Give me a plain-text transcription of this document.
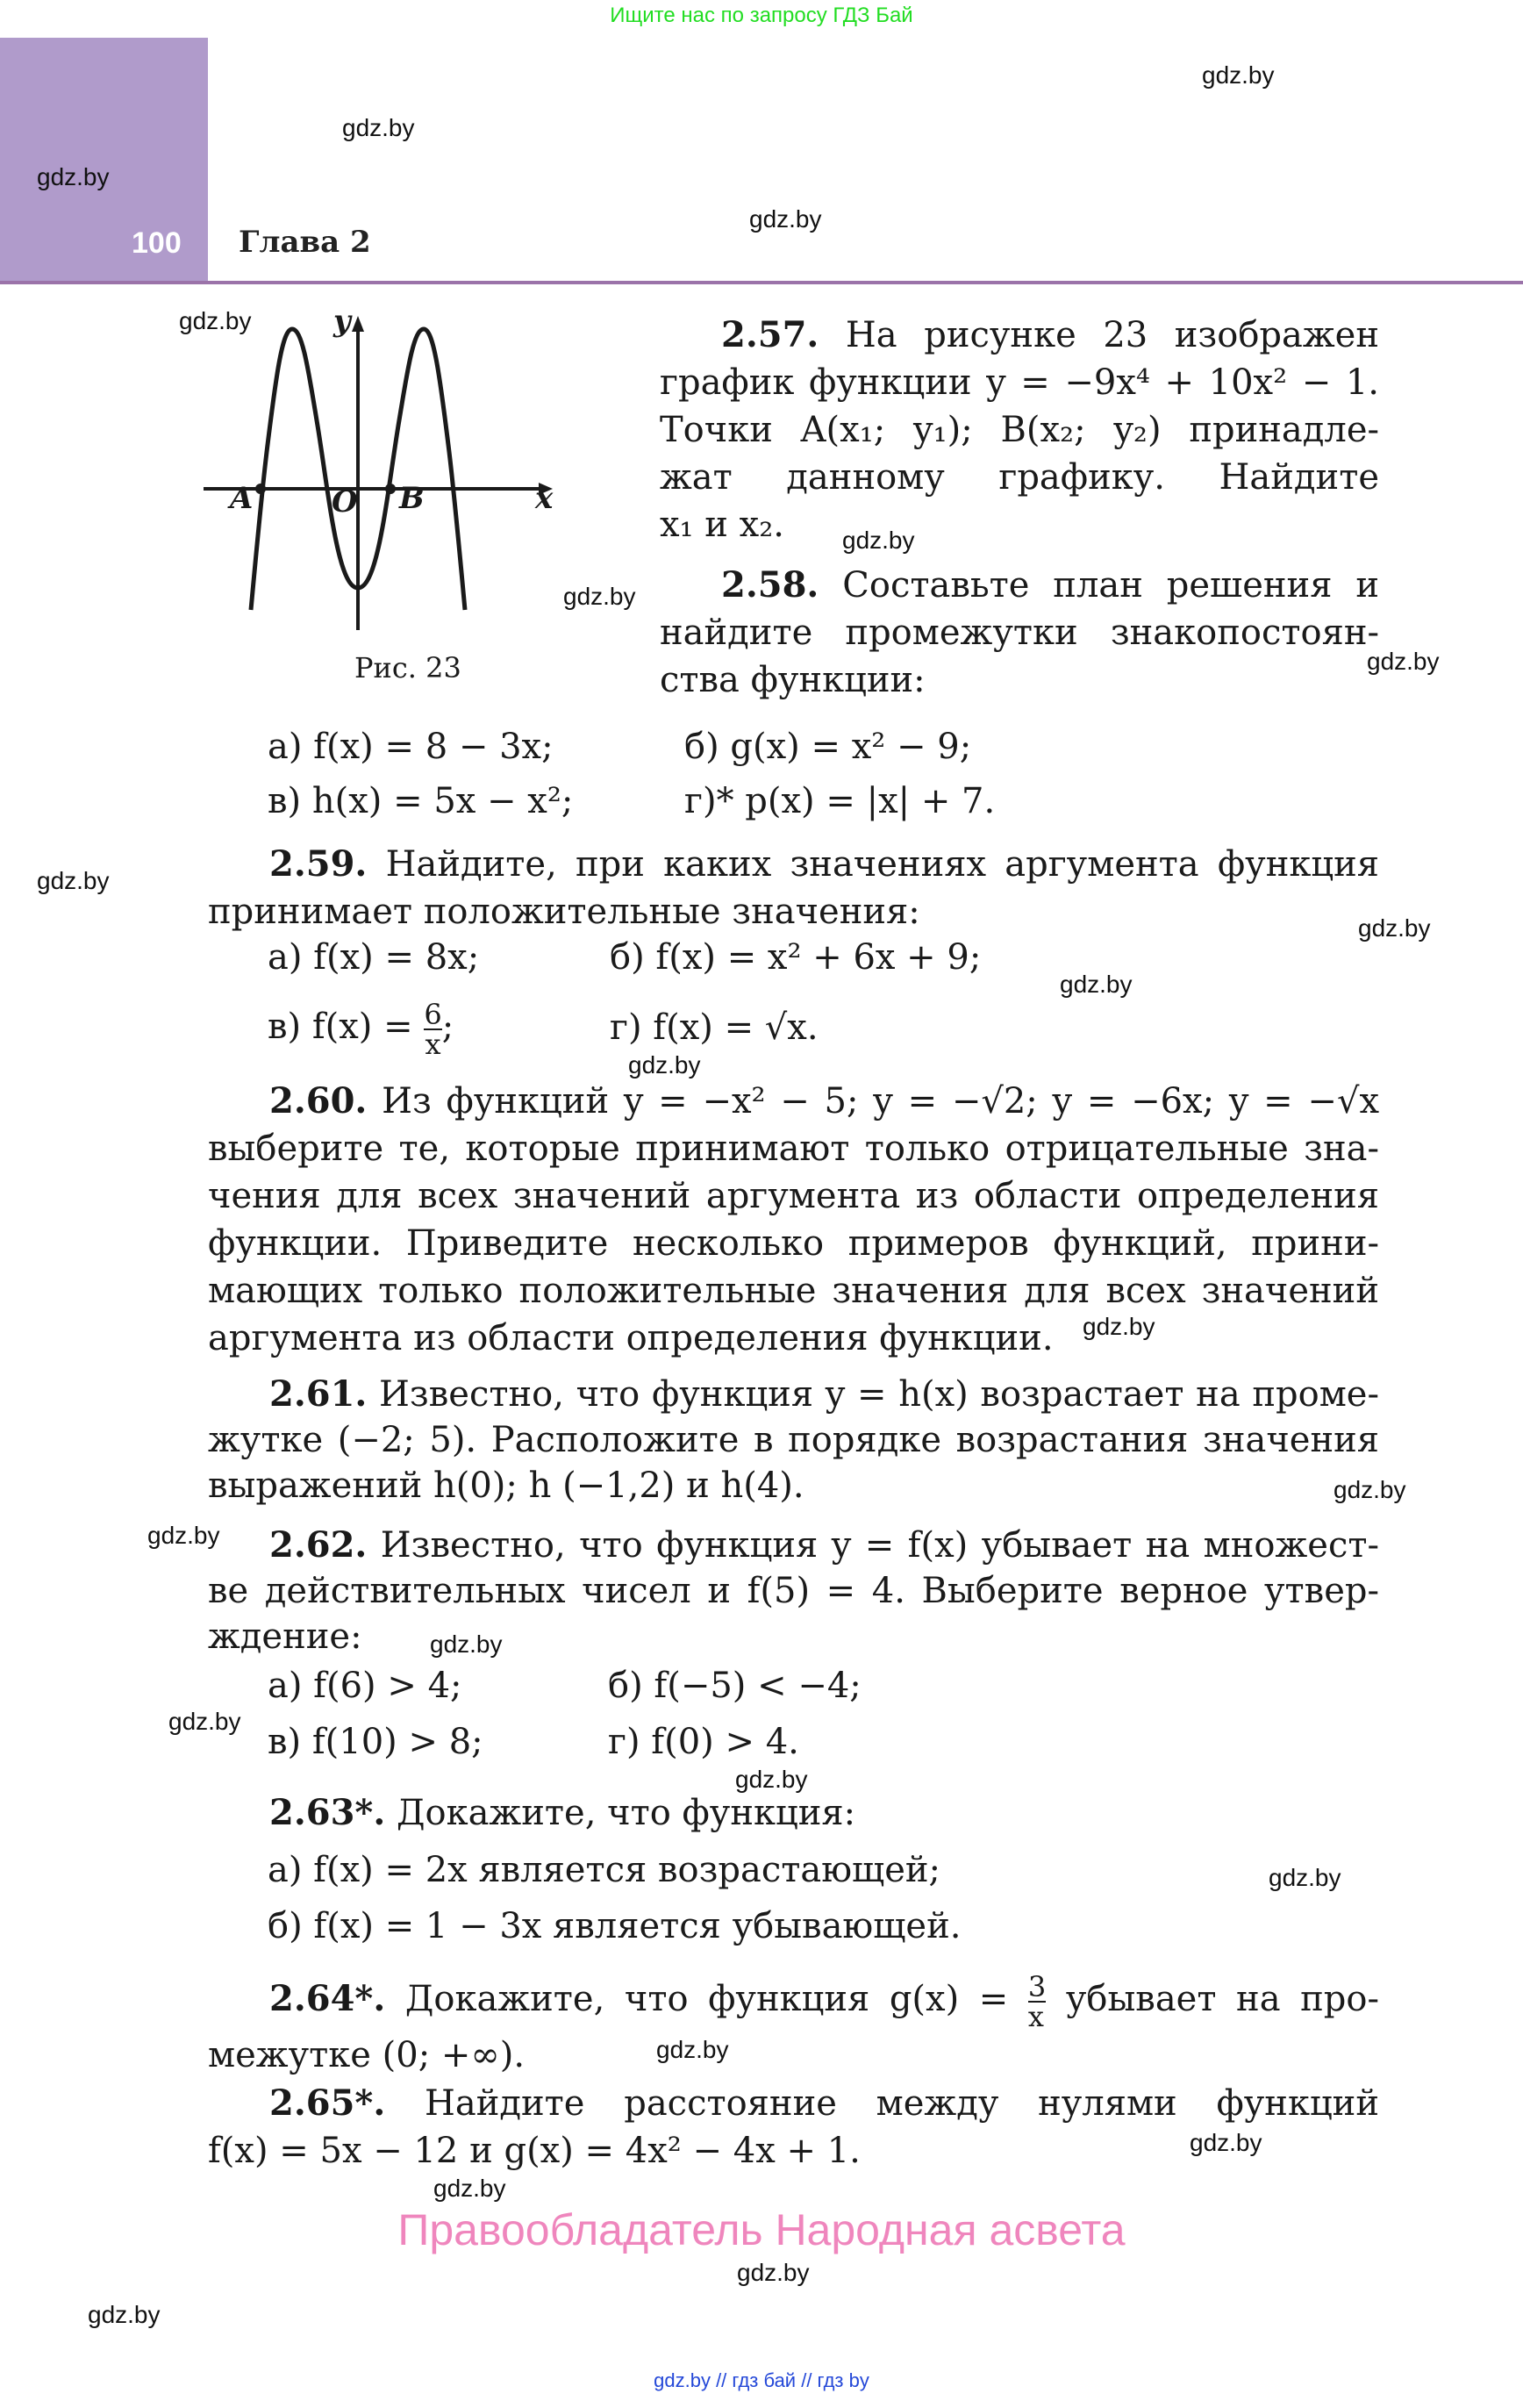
Ищите нас по запросу ГДЗ Бай
100 Глава 2
y
x
A	O B
Рис. 23
2.57. На рисунке 23 изображен
график функции y = −9x⁴ + 10x² − 1.
Точки A(x₁; y₁); B(x₂; y₂) принадле-
жат данному графику. Найдите
x₁ и x₂.
2.58. Составьте план решения и
найдите промежутки знакопостоян-
ства функции:
а) f(x) = 8 − 3x;	б) g(x) = x² − 9;
в) h(x) = 5x − x²;	г)* p(x) = |x| + 7.
2.59. Найдите, при каких значениях аргумента функция
принимает положительные значения:
а) f(x) = 8x;	б) f(x) = x² + 6x + 9;
в) $f(x) = \frac{6}{x}$ ;	г) f(x) = √x.
2.60. Из функций y = −x² − 5; y = −√2; y = −6x; y = −√x
выберите те, которые принимают только отрицательные зна-
чения для всех значений аргумента из области определения
функции. Приведите несколько примеров функций, прини-
мающих только положительные значения для всех значений
аргумента из области определения функции.
2.61. Известно, что функция y = h(x) возрастает на проме-
жутке (−2; 5). Расположите в порядке возрастания значения
выражений h(0); h (−1,2) и h(4).
2.62. Известно, что функция y = f(x) убывает на множест-
ве действительных чисел и f(5) = 4. Выберите верное утвер-
ждение:
а) f(6) > 4;	б) f(−5) < −4;
в) f(10) > 8;	г) f(0) > 4.
2.63*. Докажите, что функция:
а) f(x) = 2x является возрастающей;
б) f(x) = 1 − 3x является убывающей.
2.64*. Докажите, что функция $g(x) = \frac{3}{x}$ убывает на про-
межутке (0; +∞).
2.65*. Найдите расстояние между нулями функций
f(x) = 5x − 12 и g(x) = 4x² − 4x + 1.
gdz.by
gdz.by
gdz.by
gdz.by
gdz.by
gdz.by
gdz.by
gdz.by
gdz.by
gdz.by
gdz.by
gdz.by
gdz.by
gdz.by
gdz.by
gdz.by
gdz.by
gdz.by
gdz.by
gdz.by
gdz.by
gdz.by
gdz.by
gdz.by
Правообладатель Народная асвета
gdz.by // гдз бай // гдз by
